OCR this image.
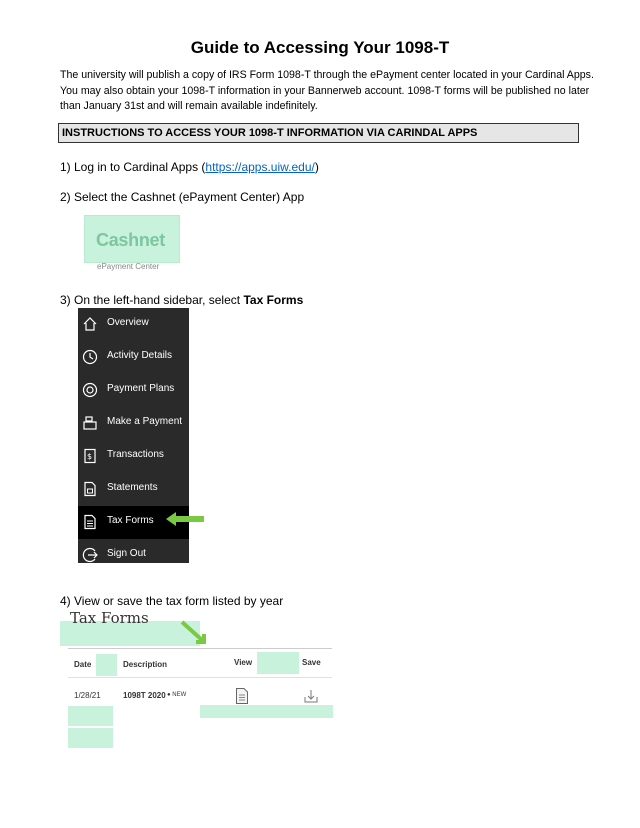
Guide to Accessing Your 1098-T
The university will publish a copy of IRS Form 1098-T through the ePayment center located in your Cardinal Apps. You may also obtain your 1098-T information in your Bannerweb account. 1098-T forms will be published no later than January 31st and will remain available indefinitely.
INSTRUCTIONS TO ACCESS YOUR 1098-T INFORMATION VIA CARINDAL APPS
1) Log in to Cardinal Apps (https://apps.uiw.edu/)
2) Select the Cashnet (ePayment Center) App
Cashnet
ePayment Center
3) On the left-hand sidebar, select Tax Forms
Overview
Activity Details
Payment Plans
Make a Payment
$ Transactions
Statements
Tax Forms
Sign Out
4) View or save the tax form listed by year
Tax Forms
Date	Description	View	Save
1/28/21	1098T 2020 ● NEW
